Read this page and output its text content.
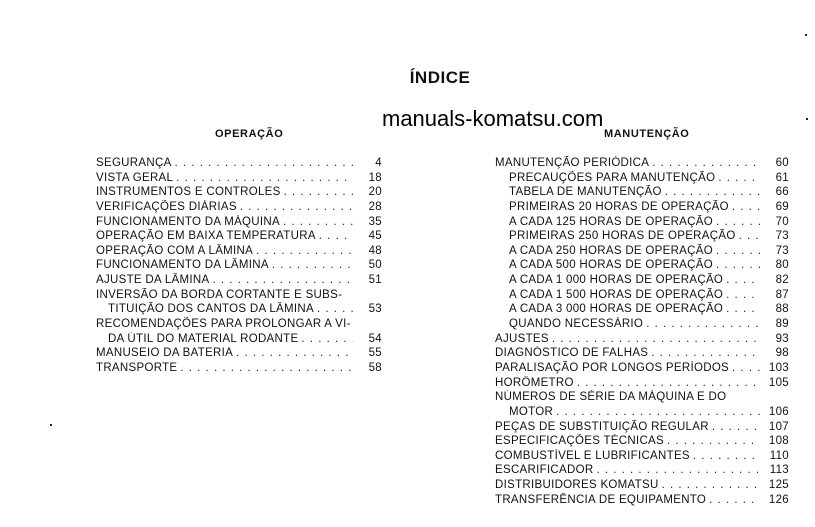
ÍNDICE
manuals-komatsu.com
OPERAÇÃO	MANUTENÇÃO
SEGURANÇA . . .	4
VISTA GERAL . . .	18
INSTRUMENTOS E CONTROLES . . .	20
VERIFICAÇÕES DIÁRIAS . . .	28
FUNCIONAMENTO DA MÁQUINA . . .	35
OPERAÇÃO EM BAIXA TEMPERATURA . . .	45
OPERAÇÃO COM A LÂMINA . . .	48
FUNCIONAMENTO DA LÂMINA . . .	50
AJUSTE DA LÂMINA . . .	51
INVERSÃO DA BORDA CORTANTE E SUBS-
TITUIÇÃO DOS CANTOS DA LÂMINA . . .	53
RECOMENDAÇÕES PARA PROLONGAR A VI-
DA ÚTIL DO MATERIAL RODANTE . . .	54
MANUSEIO DA BATERIA . . .	55
TRANSPORTE . . .	58
MANUTENÇÃO PERIÓDICA . . .	60
PRECAUÇÕES PARA MANUTENÇÃO . . .	61
TABELA DE MANUTENÇÃO . . .	66
PRIMEIRAS 20 HORAS DE OPERAÇÃO . . .	69
A CADA 125 HORAS DE OPERAÇÃO . . .	70
PRIMEIRAS 250 HORAS DE OPERAÇÃO . . .	73
A CADA 250 HORAS DE OPERAÇÃO . . .	73
A CADA 500 HORAS DE OPERAÇÃO . . .	80
A CADA 1 000 HORAS DE OPERAÇÃO . . .	82
A CADA 1 500 HORAS DE OPERAÇÃO . . .	87
A CADA 3 000 HORAS DE OPERAÇÃO . . .	88
QUANDO NECESSÁRIO . . .	89
AJUSTES . . .	93
DIAGNÓSTICO DE FALHAS . . .	98
PARALISAÇÃO POR LONGOS PERÍODOS . . .	103
HORÔMETRO . . .	105
NÚMEROS DE SÉRIE DA MÁQUINA E DO
MOTOR . . .	106
PEÇAS DE SUBSTITUIÇÃO REGULAR . . .	107
ESPECIFICAÇÕES TÉCNICAS . . .	108
COMBUSTÍVEL E LUBRIFICANTES . . .	110
ESCARIFICADOR . . .	113
DISTRIBUIDORES KOMATSU . . .	125
TRANSFERÊNCIA DE EQUIPAMENTO . . .	126
